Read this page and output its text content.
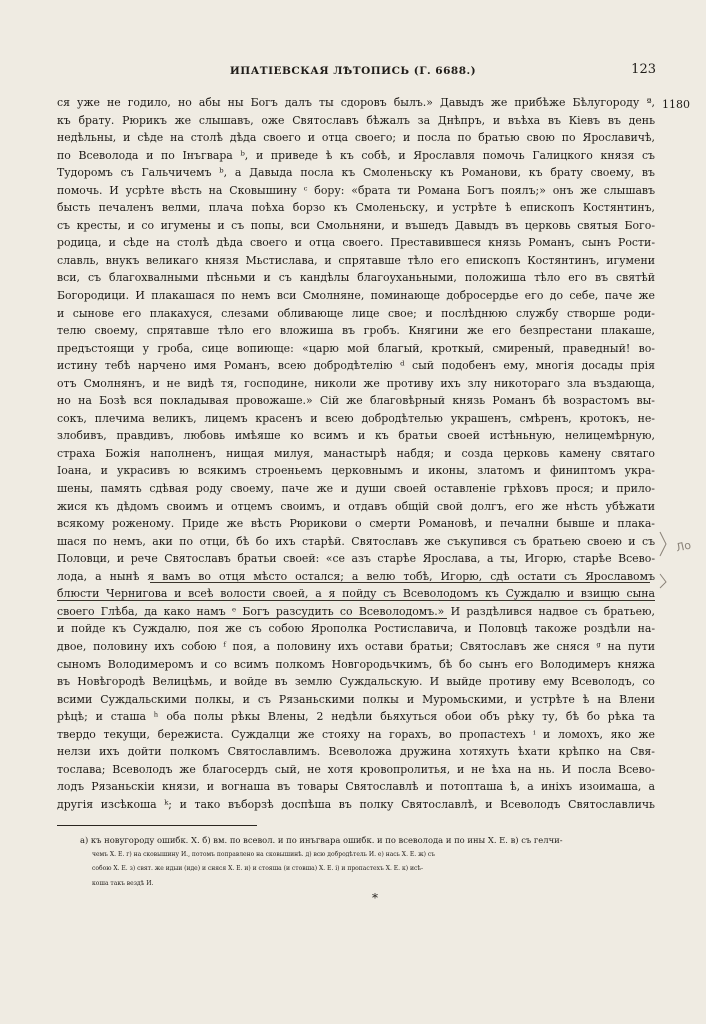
ИПАТІЕВСКАЯ ЛѢТОПИСЬ (Г. 6688.)	123
1180
ся уже не годило, но абы ны Богъ далъ ты сдоровъ былъ.» Давыдъ же прибѣже Бѣлугороду ª,
къ брату. Рюрикъ же слышавъ, оже Святославъ бѣжалъ за Днѣпръ, и въѣха въ Кіевъ въ день
недѣльны, и сѣде на столѣ дѣда своего и отца своего; и посла по братью свою по Ярославичѣ,
по Всеволода и по Інъгвара ᵇ, и приведе ѣ къ собѣ, и Ярославля помочь Галицкого князя съ
Тудоромъ съ Гальчичемъ ᵇ, а Давыда посла къ Смоленьску къ Романови, къ брату своему, въ
помочь. И усрѣте вѣсть на Сковышину ᶜ бору: «брата ти Романа Богъ поялъ;» онъ же слышавъ
бысть печаленъ велми, плача поѣха борзо къ Смоленьску, и устрѣте ѣ епископъ Костянтинъ,
съ кресты, и со игумены и съ попы, вси Смольняни, и въшедъ Давыдъ въ церковь святыя Бого-
родица, и сѣде на столѣ дѣда своего и отца своего. Преставившеся князь Романъ, сынъ Рости-
славль, внукъ великаго князя Мьстислава, и спрятавше тѣло его епископъ Костянтинъ, игумени
вси, съ благохвалными пѣсньми и съ кандѣлы благоуханьными, положиша тѣло его въ святѣй
Богородици. И плакашася по немъ вси Смолняне, поминающе добросердье его до себе, паче же
и сынове его плакахуся, слезами обливающе лице свое; и послѣднюю службу створше роди-
телю своему, спрятавше тѣло его вложиша въ гробъ. Княгини же его безпрестани плакаше,
предъстоящи у гроба, сице вопиюще: «царю мой благый, кроткый, смиреный, праведный! во-
истину тебѣ нарчено имя Романъ, всею добродѣтелію ᵈ сый подобенъ ему, многія досады прія
отъ Смолнянъ, и не видѣ тя, господине, николи же противу ихъ злу никотораго зла въздающа,
но на Бозѣ вся покладывая провожаше.» Сій же благовѣрный князь Романъ бѣ возрастомъ вы-
сокъ, плечима великъ, лицемъ красенъ и всею добродѣтелью украшенъ, смѣренъ, кротокъ, не-
злобивъ, правдивъ, любовь имѣяше ко всимъ и къ братьи своей истѣньную, нелицемѣрную,
страха Божія наполненъ, нищая милуя, манастырѣ набдя; и созда церковь камену святаго
Іоана, и украсивъ ю всякимъ строеньемъ церковнымъ и иконы, златомъ и финиптомъ укра-
шены, память сдѣвая роду своему, паче же и души своей оставленіе грѣховъ прося; и прило-
жися къ дѣдомъ своимъ и отцемъ своимъ, и отдавъ общій свой долгъ, его же нѣсть убѣжати
всякому роженому. Приде же вѣсть Рюрикови о смерти Романовѣ, и печални бывше и плака-
шася по немъ, аки по отци, бѣ бо ихъ старѣй. Святославъ же съкупився съ братьею своею и съ
Половци, и рече Святославъ братьи своей: «се азъ старѣе Ярослава, а ты, Игорю, старѣе Всево-
лода, а нынѣ я вамъ во отця мѣсто остался; а велю тобѣ, Игорю, сдѣ остати съ Ярославомъ
блюсти Чернигова и всеѣ волости своей, а я пойду съ Всеволодомъ къ Суждалю и взищю сына
своего Глѣба, да како намъ ᵉ Богъ разсудить со Всеволодомъ.» И раздѣлився надвое съ братьею,
и пойде къ Суждалю, поя же съ собою Ярополка Ростиславича, и Половцѣ такоже роздѣли на-
двое, половину ихъ собою ᶠ поя, а половину ихъ остави братьи; Святославъ же сняся ᵍ на пути
сыномъ Володимеромъ и со всимъ полкомъ Новгородьчкимъ, бѣ бо сынъ его Володимеръ княжа
въ Новѣгородѣ Велицѣмь, и войде въ землю Суждальскую. И выйде противу ему Всеволодъ, со
всими Суждальскими полкы, и съ Рязаньскими полкы и Муромьскими, и устрѣте ѣ на Влени
рѣцѣ; и сташа ʰ оба полы рѣкы Влены, 2 недѣли бьяхуться обои объ рѣку ту, бѣ бо рѣка та
твердо текущи, бережиста. Суждалци же стояху на горахъ, во пропастехъ ⁱ и ломохъ, яко же
нелзи ихъ дойти полкомъ Святославлимъ. Всеволожа дружина хотяхуть ѣхати крѣпко на Свя-
тослава; Всеволодъ же благосердъ сый, не хотя кровопролитья, и не ѣха на нь. И посла Всево-
лодъ Рязаньскіи князи, и вогнаша въ товары Святославлѣ и потопташа ѣ, а иніхъ изоимаша, а
другія изсѣкоша ᵏ; и тако въборзѣ доспѣша въ полку Святославлѣ, и Всеволодъ Святославличь
Ло
a) къ новугороду ошибк. Х. б) вм. по всевол. и по инъгвара ошибк. и по всеволода и по ины Х. Е. в) съ гелчи-
чемъ Х. Е. г) на сковышину И., потомъ поправлено на сковышинѣ. д) всю добродѣтель И. е) нась Х. Е. ж) съ
собою Х. Е. з) свят. же идыи (иде) и сняся Х. Е. и) и стояша (и стовша) Х. Е. і) и пропастехъ Х. Е. к) исѣ-
коша такъ вездѣ И.
*
